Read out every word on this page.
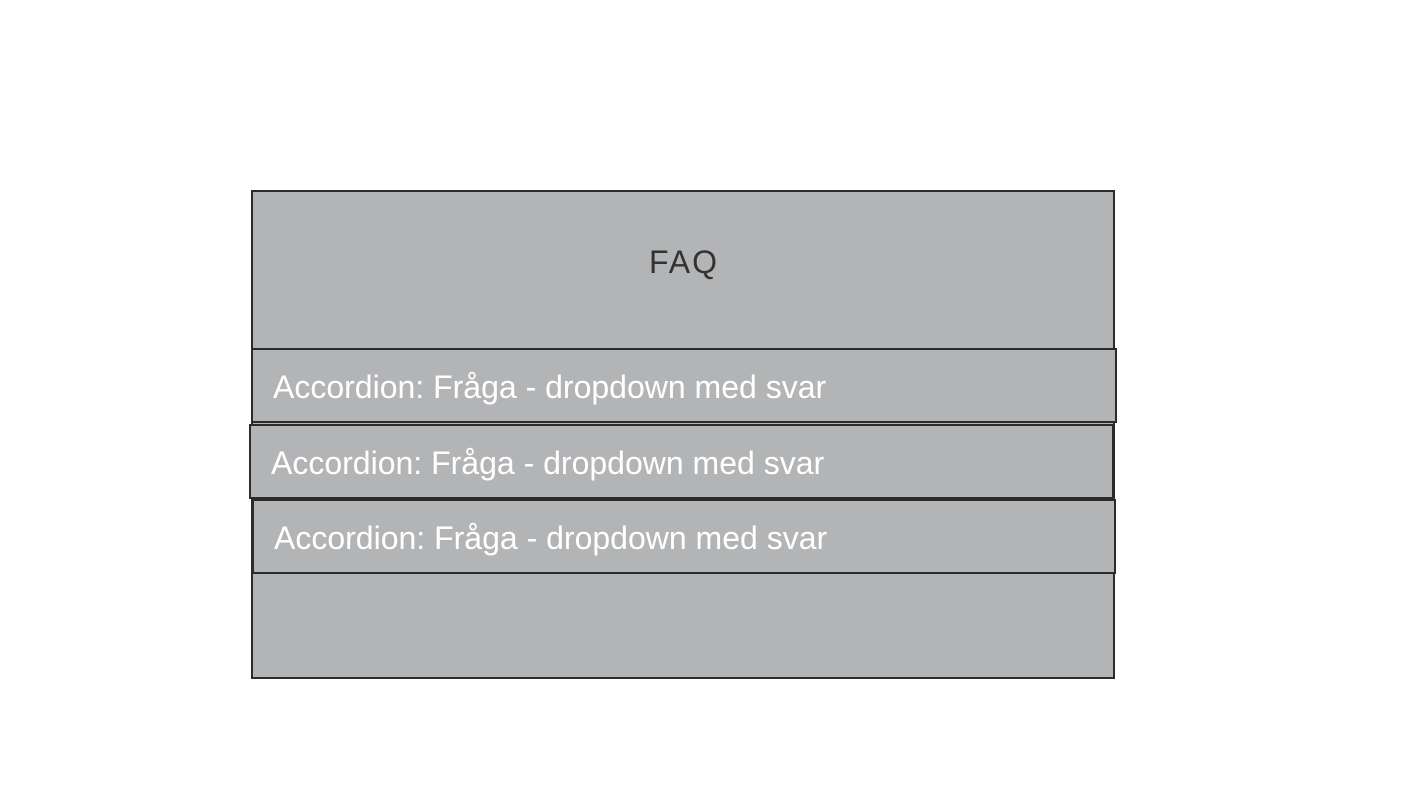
FAQ
Accordion: Fråga - dropdown med svar
Accordion: Fråga - dropdown med svar
Accordion: Fråga - dropdown med svar
